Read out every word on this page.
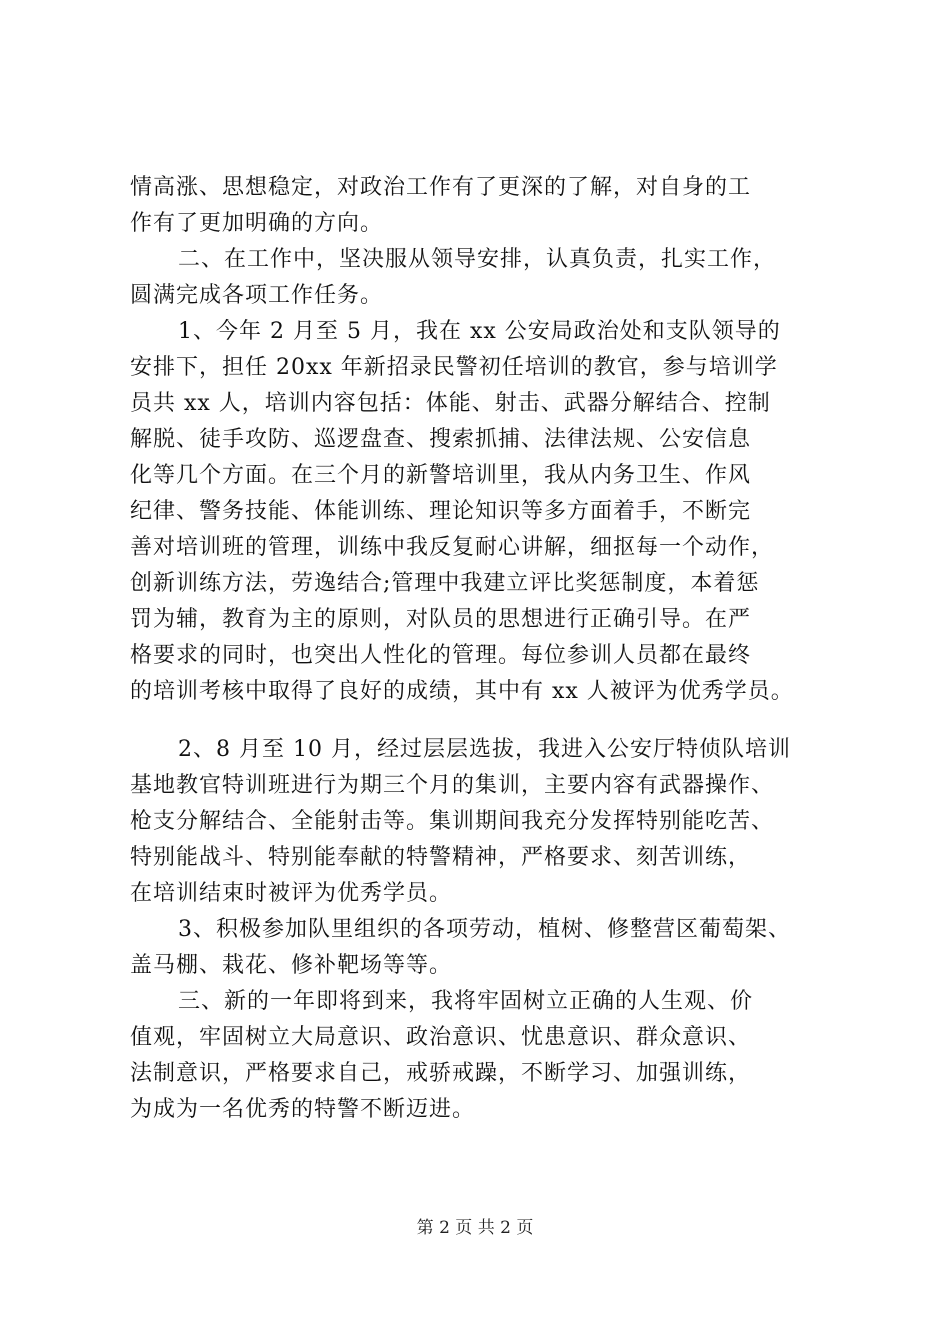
情高涨、思想稳定，对政治工作有了更深的了解，对自身的工
作有了更加明确的方向。
二、在工作中，坚决服从领导安排，认真负责，扎实工作，
圆满完成各项工作任务。
1、今年 2 月至 5 月，我在 xx 公安局政治处和支队领导的
安排下，担任 20xx 年新招录民警初任培训的教官，参与培训学
员共 xx 人，培训内容包括：体能、射击、武器分解结合、控制
解脱、徒手攻防、巡逻盘查、搜索抓捕、法律法规、公安信息
化等几个方面。在三个月的新警培训里，我从内务卫生、作风
纪律、警务技能、体能训练、理论知识等多方面着手，不断完
善对培训班的管理，训练中我反复耐心讲解，细抠每一个动作，
创新训练方法，劳逸结合;管理中我建立评比奖惩制度，本着惩
罚为辅，教育为主的原则，对队员的思想进行正确引导。在严
格要求的同时，也突出人性化的管理。每位参训人员都在最终
的培训考核中取得了良好的成绩，其中有 xx 人被评为优秀学员。
2、8 月至 10 月，经过层层选拔，我进入公安厅特侦队培训
基地教官特训班进行为期三个月的集训，主要内容有武器操作、
枪支分解结合、全能射击等。集训期间我充分发挥特别能吃苦、
特别能战斗、特别能奉献的特警精神，严格要求、刻苦训练，
在培训结束时被评为优秀学员。
3、积极参加队里组织的各项劳动，植树、修整营区葡萄架、
盖马棚、栽花、修补靶场等等。
三、新的一年即将到来，我将牢固树立正确的人生观、价
值观，牢固树立大局意识、政治意识、忧患意识、群众意识、
法制意识，严格要求自己，戒骄戒躁，不断学习、加强训练，
为成为一名优秀的特警不断迈进。
第 2 页 共 2 页
